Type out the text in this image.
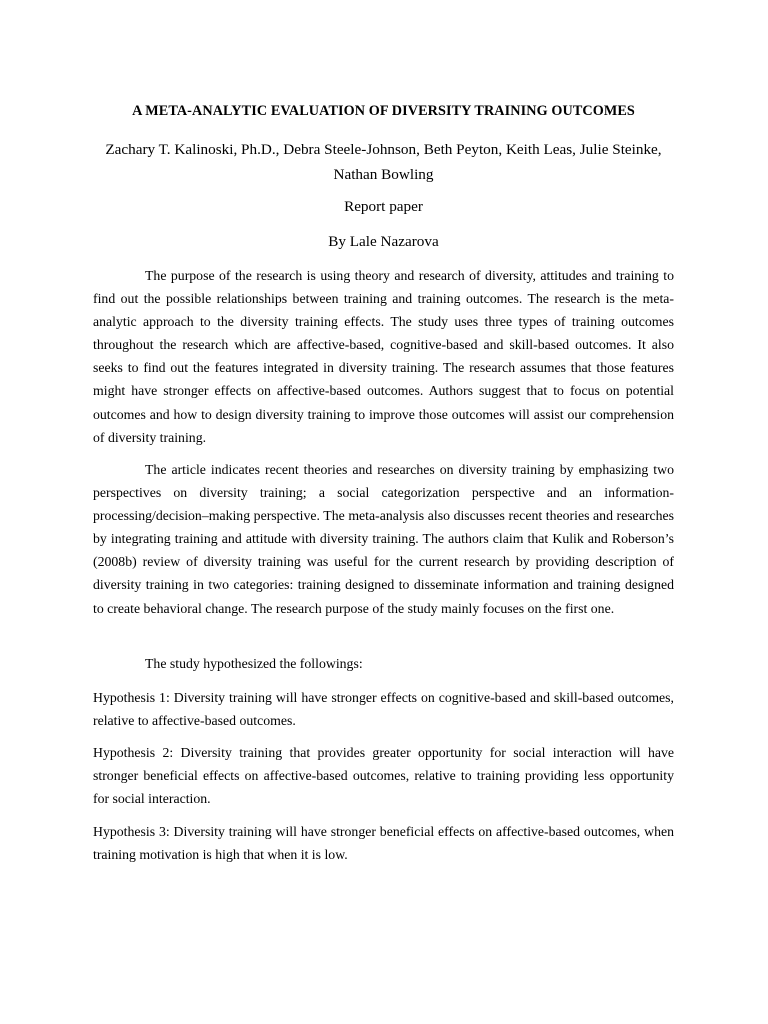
A META-ANALYTIC EVALUATION OF DIVERSITY TRAINING OUTCOMES
Zachary T. Kalinoski, Ph.D., Debra Steele-Johnson, Beth Peyton, Keith Leas, Julie Steinke, Nathan Bowling
Report paper
By Lale Nazarova

The purpose of the research is using theory and research of diversity, attitudes and training to find out the possible relationships between training and training outcomes. The research is the meta-analytic approach to the diversity training effects. The study uses three types of training outcomes throughout the research which are affective-based, cognitive-based and skill-based outcomes. It also seeks to find out the features integrated in diversity training. The research assumes that those features might have stronger effects on affective-based outcomes. Authors suggest that to focus on potential outcomes and how to design diversity training to improve those outcomes will assist our comprehension of diversity training.

The article indicates recent theories and researches on diversity training by emphasizing two perspectives on diversity training; a social categorization perspective and an information-processing/decision–making perspective. The meta-analysis also discusses recent theories and researches by integrating training and attitude with diversity training. The authors claim that Kulik and Roberson’s (2008b) review of diversity training was useful for the current research by providing description of diversity training in two categories: training designed to disseminate information and training designed to create behavioral change. The research purpose of the study mainly focuses on the first one.

The study hypothesized the followings:

Hypothesis 1: Diversity training will have stronger effects on cognitive-based and skill-based outcomes, relative to affective-based outcomes.

Hypothesis 2: Diversity training that provides greater opportunity for social interaction will have stronger beneficial effects on affective-based outcomes, relative to training providing less opportunity for social interaction.

Hypothesis 3: Diversity training will have stronger beneficial effects on affective-based outcomes, when training motivation is high that when it is low.
